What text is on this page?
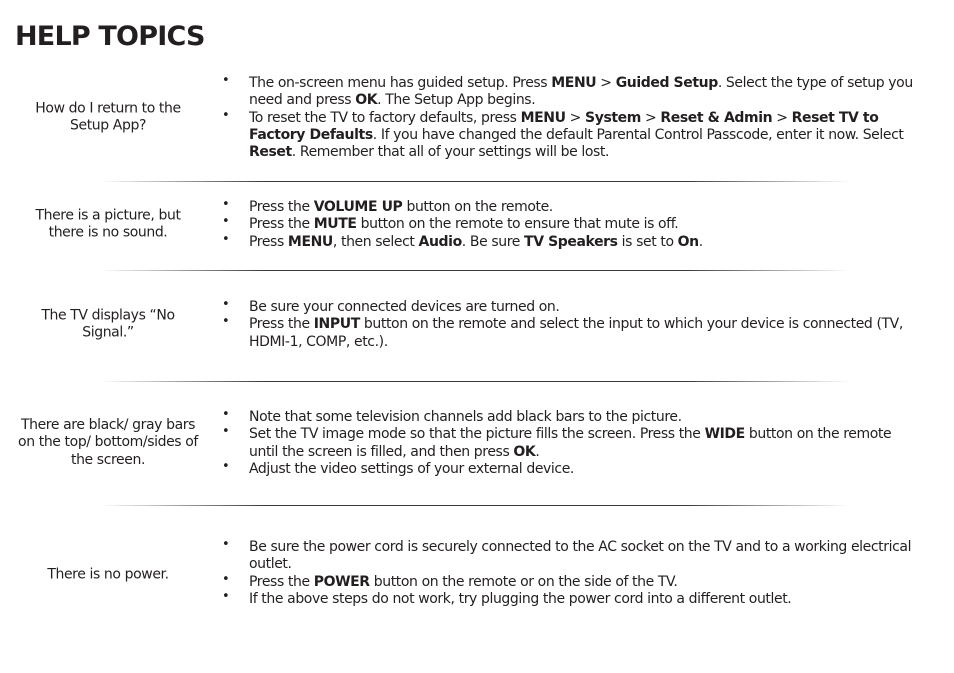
HELP TOPICS
How do I return to the Setup App?
• The on-screen menu has guided setup. Press MENU > Guided Setup. Select the type of setup you need and press OK. The Setup App begins.
• To reset the TV to factory defaults, press MENU > System > Reset & Admin > Reset TV to Factory Defaults. If you have changed the default Parental Control Passcode, enter it now. Select Reset. Remember that all of your settings will be lost.
There is a picture, but there is no sound.
• Press the VOLUME UP button on the remote.
• Press the MUTE button on the remote to ensure that mute is off.
• Press MENU, then select Audio. Be sure TV Speakers is set to On.
The TV displays “No Signal.”
• Be sure your connected devices are turned on.
• Press the INPUT button on the remote and select the input to which your device is connected (TV, HDMI-1, COMP, etc.).
There are black/ gray bars on the top/ bottom/sides of the screen.
• Note that some television channels add black bars to the picture.
• Set the TV image mode so that the picture fills the screen. Press the WIDE button on the remote until the screen is filled, and then press OK.
• Adjust the video settings of your external device.
There is no power.
• Be sure the power cord is securely connected to the AC socket on the TV and to a working electrical outlet.
• Press the POWER button on the remote or on the side of the TV.
• If the above steps do not work, try plugging the power cord into a different outlet.
